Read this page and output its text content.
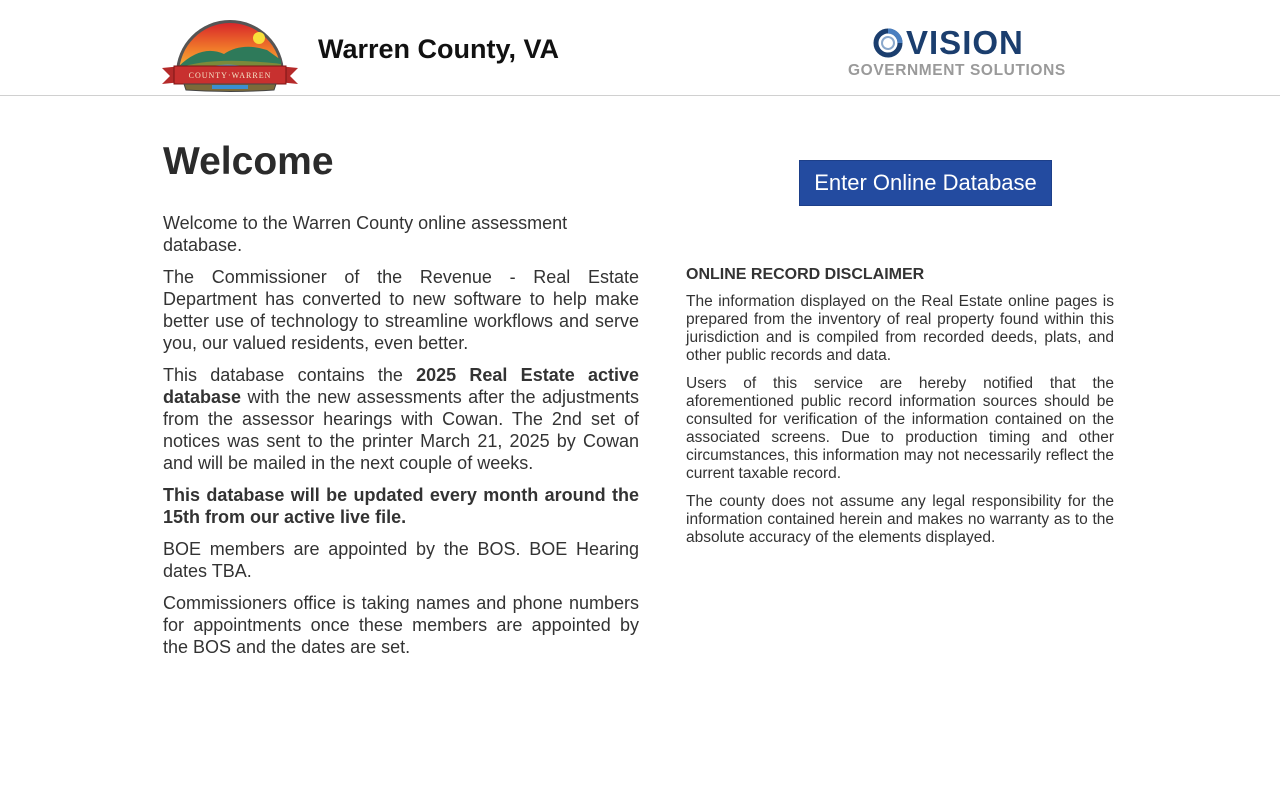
COUNTY·WARREN
Warren County, VA	VISION
GOVERNMENT SOLUTIONS
Welcome

Welcome to the Warren County online assessment database.

The Commissioner of the Revenue - Real Estate Department has converted to new software to help make better use of technology to streamline workflows and serve you, our valued residents, even better.

This database contains the 2025 Real Estate active database with the new assessments after the adjustments from the assessor hearings with Cowan. The 2nd set of notices was sent to the printer March 21, 2025 by Cowan and will be mailed in the next couple of weeks.

This database will be updated every month around the 15th from our active live file.

BOE members are appointed by the BOS. BOE Hearing dates TBA.

Commissioners office is taking names and phone numbers for appointments once these members are appointed by the BOS and the dates are set.

Enter Online Database
ONLINE RECORD DISCLAIMER

The information displayed on the Real Estate online pages is prepared from the inventory of real property found within this jurisdiction and is compiled from recorded deeds, plats, and other public records and data.

Users of this service are hereby notified that the aforementioned public record information sources should be consulted for verification of the information contained on the associated screens. Due to production timing and other circumstances, this information may not necessarily reflect the current taxable record.

The county does not assume any legal responsibility for the information contained herein and makes no warranty as to the absolute accuracy of the elements displayed.
